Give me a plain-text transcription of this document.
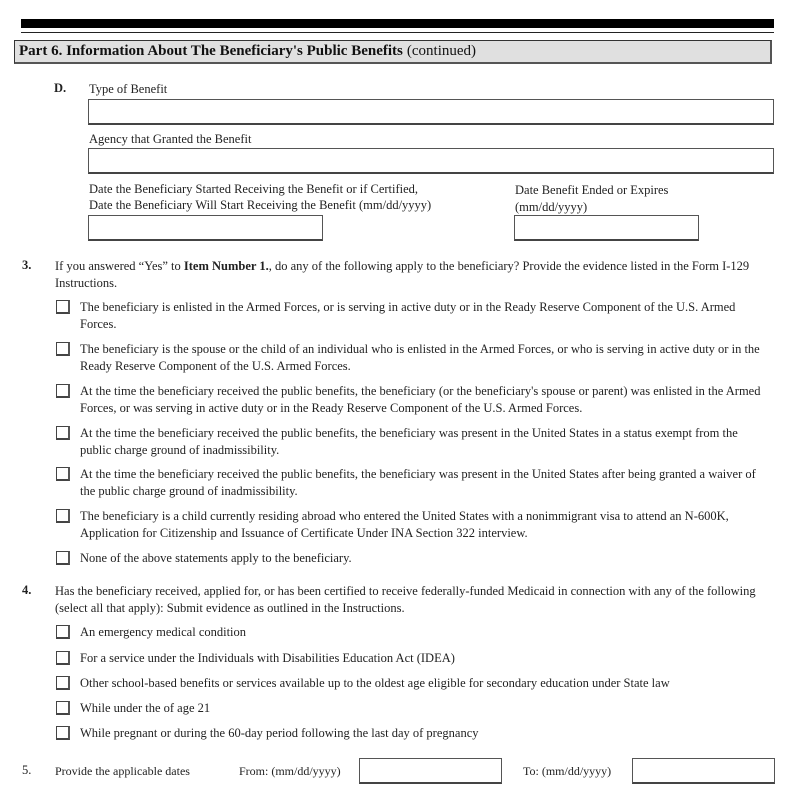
Part 6. Information About The Beneficiary's Public Benefits (continued)
D. Type of Benefit
Agency that Granted the Benefit
Date the Beneficiary Started Receiving the Benefit or if Certified,
Date the Beneficiary Will Start Receiving the Benefit (mm/dd/yyyy)
Date Benefit Ended or Expires
(mm/dd/yyyy)
3. If you answered “Yes” to Item Number 1., do any of the following apply to the beneficiary? Provide the evidence listed in the Form I-129 Instructions.
The beneficiary is enlisted in the Armed Forces, or is serving in active duty or in the Ready Reserve Component of the U.S. Armed Forces.
The beneficiary is the spouse or the child of an individual who is enlisted in the Armed Forces, or who is serving in active duty or in the Ready Reserve Component of the U.S. Armed Forces.
At the time the beneficiary received the public benefits, the beneficiary (or the beneficiary's spouse or parent) was enlisted in the Armed Forces, or was serving in active duty or in the Ready Reserve Component of the U.S. Armed Forces.
At the time the beneficiary received the public benefits, the beneficiary was present in the United States in a status exempt from the public charge ground of inadmissibility.
At the time the beneficiary received the public benefits, the beneficiary was present in the United States after being granted a waiver of the public charge ground of inadmissibility.
The beneficiary is a child currently residing abroad who entered the United States with a nonimmigrant visa to attend an N-600K, Application for Citizenship and Issuance of Certificate Under INA Section 322 interview.
None of the above statements apply to the beneficiary.
4. Has the beneficiary received, applied for, or has been certified to receive federally-funded Medicaid in connection with any of the following (select all that apply): Submit evidence as outlined in the Instructions.
An emergency medical condition
For a service under the Individuals with Disabilities Education Act (IDEA)
Other school-based benefits or services available up to the oldest age eligible for secondary education under State law
While under the of age 21
While pregnant or during the 60-day period following the last day of pregnancy
5. Provide the applicable dates	From: (mm/dd/yyyy)	To: (mm/dd/yyyy)
